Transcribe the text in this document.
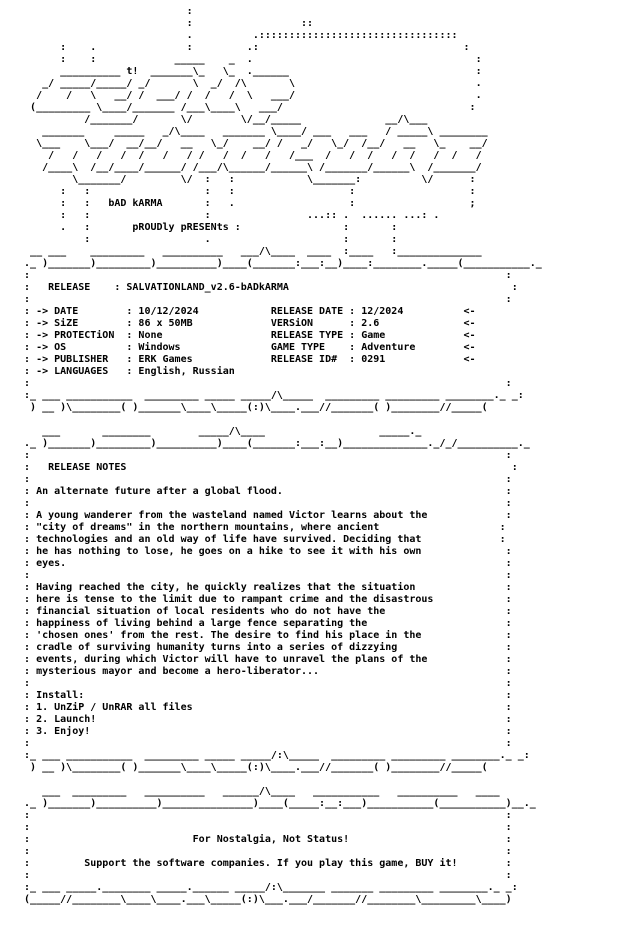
:
:                  ::
.          .:::::::::::::::::::::::::::::::::
:    .               :         .:                                  :
:    :             _____    _  .                                     :
__________ t!  _______\_   \_  .______                               :
_/ _____/_____/ _/       \  _/  /\       \                              .
/    /   \   __/ /  ___/ /  /   /  \   ___/                              .
(_________ \____/_______ /___\____\   ___/                               :
/_______/       \/        \/__/_____              __/\___
_______     _____   _/\____   _______ \____/ ___   ___   / _____\ ________
\___    \___/  __/__/   __   \_/    __/ /   _/   \_/  /__/   __   \_    __/
/   /   /   /  /   /   / /   /  /   /   /___  /   /  /   /  /   /  /   /
/____\  /__/____/______/ /___/\______/______\ /_______/______\  /_______/
\_______/         \/  :   :            \_______:          \/      :
:   :                   :   :                   :                   :
:   :   bAD kARMA       :   .                   :                   ;
:   :                   :                ...:: .  ...... ...: .
.   :       pROUDly pRESENts :                 :       :
:                   .                      :       :
__ ___    _________   __________   ___/\____  ____  :____   :______________
._ )_______)_________)__________)____(_______:___:__)____:________._____(___________._
:                                                                               :
:   RELEASE    : SALVATIONLAND_v2.6-bADkARMA                                     :
:                                                                               :
: -> DATE        : 10/12/2024            RELEASE DATE : 12/2024          <-
: -> SiZE        : 86 x 50MB             VERSiON      : 2.6              <-
: -> PROTECTiON  : None                  RELEASE TYPE : Game             <-
: -> OS          : Windows               GAME TYPE    : Adventure        <-
: -> PUBLISHER   : ERK Games             RELEASE ID#  : 0291             <-
: -> LANGUAGES   : English, Russian
:                                                                               :
:_ ___ ___________  _________ _____ _____/\_____  _________ _________ ________._ _:
) __ )\________( )_______\____\_____(:)\____.___//_______( )________//_____(

___       ________        _____/\____                   _____._
._ )_______)_________)__________)____(_______:___:__)______________._/_/__________._
:                                                                               :
:   RELEASE NOTES                                                                :
:                                                                               :
: An alternate future after a global flood.                                     :
:                                                                               :
: A young wanderer from the wasteland named Victor learns about the             :
: "city of dreams" in the northern mountains, where ancient                    :
: technologies and an old way of life have survived. Deciding that             :
: he has nothing to lose, he goes on a hike to see it with his own              :
: eyes.                                                                         :
:                                                                               :
: Having reached the city, he quickly realizes that the situation               :
: here is tense to the limit due to rampant crime and the disastrous            :
: financial situation of local residents who do not have the                    :
: happiness of living behind a large fence separating the                       :
: 'chosen ones' from the rest. The desire to find his place in the              :
: cradle of surviving humanity turns into a series of dizzying                  :
: events, during which Victor will have to unravel the plans of the             :
: mysterious mayor and become a hero-liberator...                               :
:                                                                               :
: Install:                                                                      :
: 1. UnZiP / UnRAR all files                                                    :
: 2. Launch!                                                                    :
: 3. Enjoy!                                                                     :
:                                                                               :
:_ ___ ___________  _________ _____ _____/:\_____  _________ _________ ________._ _:
) __ )\________( )_______\____\_____(:)\____.___//_______( )________//_____(

___  _________   __________   ______/\____   ___________   __________   ____
._ )_______)__________)_______________)____(_____:__:___)___________(___________)__._
:                                                                               :
:                                                                               :
:                           For Nostalgia, Not Status!                          :
:                                                                               :
:         Support the software companies. If you play this game, BUY it!        :
:                                                                               :
:_ ___ _____.________ _____.______ _____/:\_______ _______ _________ ________._ _:
(_____//________\____\____.___\_____(:)\___.___/_______//________\_________\____)
